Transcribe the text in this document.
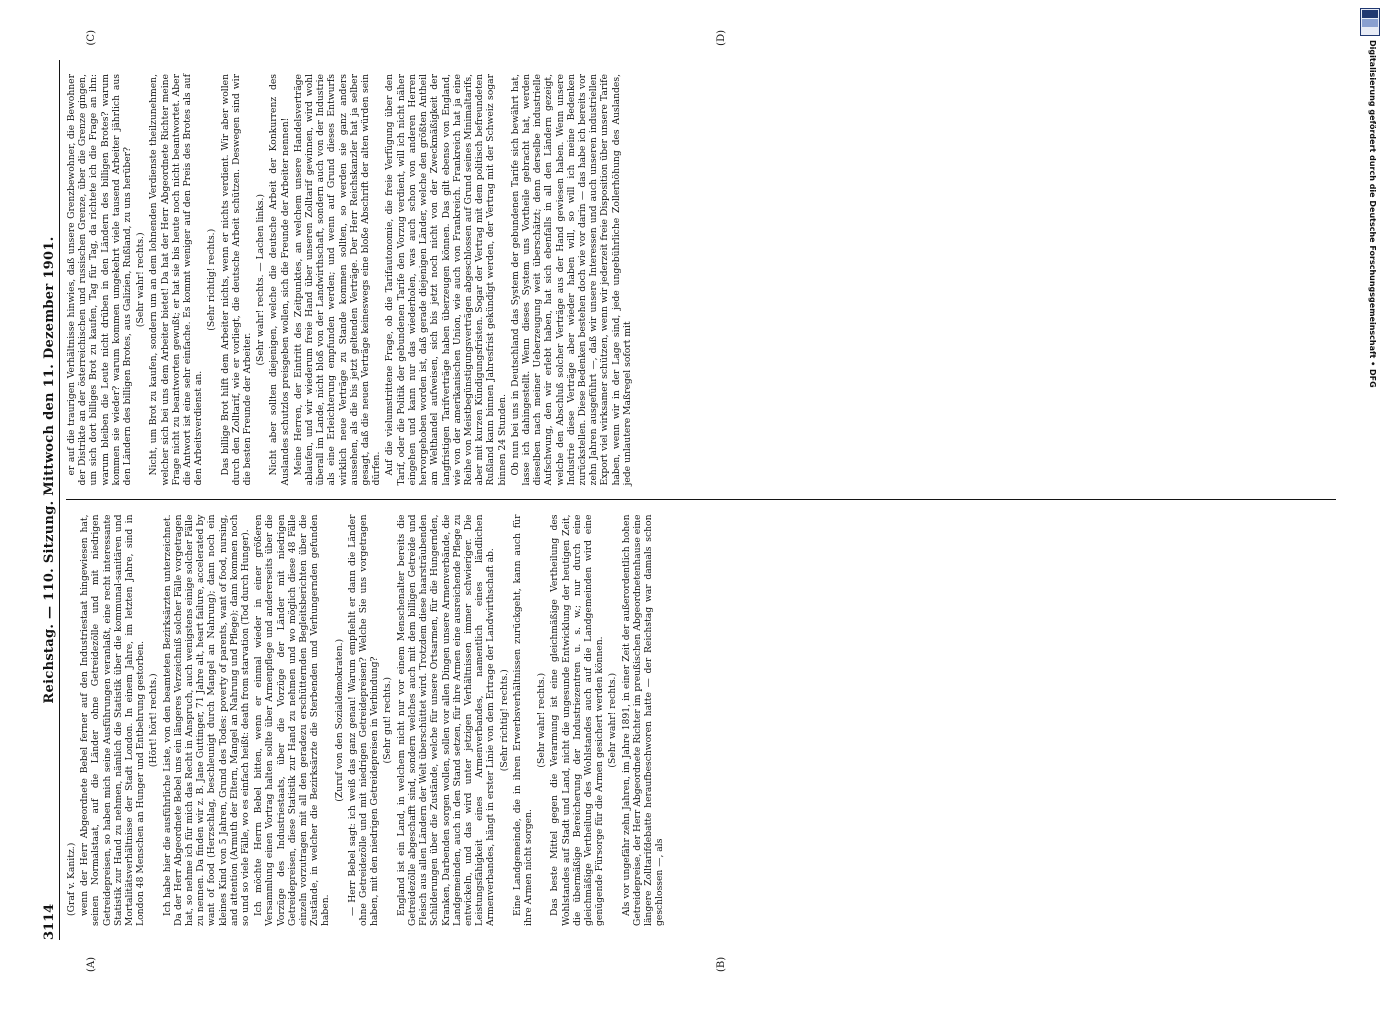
3114
Reichstag. — 110. Sitzung. Mittwoch den 11. Dezember 1901.
(A)	(B)
(C)	(D)

(Graf v. Kanitz.) wenn der Herr Abgeordnete Bebel ferner auf den Industriestaat hingewiesen hat, seinen Normalstaat, auf die Länder ohne Getreidezölle und mit niedrigen Getreidepreisen, so haben mich seine Ausführungen veranlaßt, eine recht interessante Statistik zur Hand zu nehmen, nämlich die Statistik über die kommunal-sanitären und Mortalitätsverhältnisse der Stadt London. In einem Jahre, im letzten Jahre, sind in London 48 Menschen an Hunger und Entbehrung gestorben. (Hört! hört! rechts.) Ich habe hier die ausführliche Liste, von den beamteten Bezirksärzten unterzeichnet. Da der Herr Abgeordnete Bebel uns ein längeres Verzeichniß solcher Fälle vorgetragen hat, so nehme ich für mich das Recht in Anspruch, auch wenigstens einige solcher Fälle zu nennen. Da finden wir z. B. Jane Guttinger, 71 Jahre alt, heart failure, accelerated by want of food (Herzschlag, beschleunigt durch Mangel an Nahrung); dann noch ein kleines Kind von 5 Jahren, Grund des Todes: poverty of parents, want of food, nursing, and attention (Armuth der Eltern, Mangel an Nahrung und Pflege); dann kommen noch so und so viele Fälle, wo es einfach heißt: death from starvation (Tod durch Hunger). Ich möchte Herrn Bebel bitten, wenn er einmal wieder in einer größeren Versammlung einen Vortrag halten sollte über Armenpflege und andererseits über die Vorzüge des Industriestaats, über die Vorzüge der Länder mit niedrigen Getreidepreisen, diese Statistik zur Hand zu nehmen und wo möglich diese 48 Fälle einzeln vorzutragen mit all den geradezu erschütternden Begleitsberichten über die Zustände, in welcher die Bezirksärzte die Sterbenden und Verhungernden gefunden haben.

(Zuruf von den Sozialdemokraten.) — Herr Bebel sagt: ich weiß das ganz genau! Warum empfiehlt er dann die Länder ohne Getreidezölle und mit niedrigen Getreidepreisen? Welche Sie uns vorgetragen haben, mit den niedrigen Getreidepreisen in Verbindung? (Sehr gut! rechts.) England ist ein Land, in welchem nicht nur vor einem Menschenalter bereits die Getreidezölle abgeschafft sind, sondern welches auch mit dem billigen Getreide und Fleisch aus allen Ländern der Welt überschüttet wird. Trotzdem diese haarsträubenden Schilderungen über die Zustände, welche für unsere Ortsarmen, für die Hungernden, Kranken, Darbenden sorgen wollen, sollen vor allen Dingen unsere Armenverbände, die Landgemeinden, auch in den Stand setzen, für ihre Armen eine ausreichende Pflege zu entwickeln, und das wird unter jetzigen Verhältnissen immer schwieriger. Die Leistungsfähigkeit eines Armenverbandes, namentlich eines ländlichen Armenverbandes, hängt in erster Linie von dem Ertrage der Landwirthschaft ab. (Sehr richtig! rechts.) Eine Landgemeinde, die in ihren Erwerbsverhältnissen zurückgeht, kann auch für ihre Armen nicht sorgen.

(Sehr wahr! rechts.) Das beste Mittel gegen die Verarmung ist eine gleichmäßige Vertheilung des Wohlstandes auf Stadt und Land, nicht die ungesunde Entwicklung der heutigen Zeit, die übermäßige Bereicherung der Industriezentren u. s. w.; nur durch eine gleichmäßige Vertheilung des Wohlstandes auch auf die Landgemeinden wird eine genügende Fürsorge für die Armen gesichert werden können. (Sehr wahr! rechts.) Als vor ungefähr zehn Jahren, im Jahre 1891, in einer Zeit der außerordentlich hohen Getreidepreise, der Herr Abgeordnete Richter im preußischen Abgeordnetenhause eine längere Zolltarifdebatte heraufbeschworen hatte — der Reichstag war damals schon geschlossen —, als

er auf die traurigen Verhältnisse hinwies, daß unsere Grenzbewohner, die Bewohner der Distrikte an der österreichischen und russischen Grenze, über die Grenze gingen, um sich dort billiges Brot zu kaufen, Tag für Tag, da richtete ich die Frage an ihn: warum bleiben die Leute nicht drüben in den Ländern des billigen Brotes? warum kommen sie wieder? warum kommen umgekehrt viele tausend Arbeiter jährlich aus den Ländern des billigen Brotes, aus Galizien, Rußland, zu uns herüber? (Sehr wahr! rechts.) Nicht, um Brot zu kaufen, sondern um an dem lohnenden Verdienste theilzunehmen, welcher sich bei uns dem Arbeiter bietet! Da hat der Herr Abgeordnete Richter meine Frage nicht zu beantworten gewußt; er hat sie bis heute noch nicht beantwortet. Aber die Antwort ist eine sehr einfache. Es kommt weniger auf den Preis des Brotes als auf den Arbeitsverdienst an.

(Sehr richtig! rechts.) Das billige Brot hilft dem Arbeiter nichts, wenn er nichts verdient. Wir aber wollen durch den Zolltarif, wie er vorliegt, die deutsche Arbeit schützen. Deswegen sind wir die besten Freunde der Arbeiter.

(Sehr wahr! rechts. — Lachen links.) Nicht aber sollten diejenigen, welche die deutsche Arbeit der Konkurrenz des Auslandes schutzlos preisgeben wollen, sich die Freunde der Arbeiter nennen! Meine Herren, der Eintritt des Zeitpunktes, an welchem unsere Handelsverträge ablaufen, und wir wiederum freie Hand über unseren Zolltarif gewinnen, wird wohl überall im Lande, nicht bloß von der Landwirthschaft, sondern auch von der Industrie als eine Erleichterung empfunden werden; und wenn auf Grund dieses Entwurfs wirklich neue Verträge zu Stande kommen sollten, so werden sie ganz anders aussehen, als die bis jetzt geltenden Verträge. Der Herr Reichskanzler hat ja selber gesagt, daß die neuen Verträge keineswegs eine bloße Abschrift der alten würden sein dürfen. Auf die vielumstrittene Frage, ob die Tarifautonomie, die freie Verfügung über den Tarif, oder die Politik der gebundenen Tarife den Vorzug verdient, will ich nicht näher eingehen und kann nur das wiederholen, was auch schon von anderen Herren hervorgehoben worden ist, daß gerade diejenigen Länder, welche den größten Antheil am Welthandel aufweisen, sich bis jetzt noch nicht von der Zweckmäßigkeit der langfristigen Tarifverträge haben überzeugen können. Das gilt ebenso von England, wie von der amerikanischen Union, wie auch von Frankreich. Frankreich hat ja eine Reihe von Meistbegünstigungsverträgen abgeschlossen auf Grund seines Minimaltarifs, aber mit kurzen Kündigungsfristen. Sogar der Vertrag mit dem politisch befreundeten Rußland kann binnen Jahresfrist gekündigt werden, der Vertrag mit der Schweiz sogar binnen 24 Stunden. Ob nun bei uns in Deutschland das System der gebundenen Tarife sich bewährt hat, lasse ich dahingestellt. Wenn dieses System uns Vortheile gebracht hat, werden dieselben nach meiner Ueberzeugung weit überschätzt; denn derselbe industrielle Aufschwung, den wir erlebt haben, hat sich ebenfalls in all den Ländern gezeigt, welche den Abschluß solcher Verträge aus der Hand gewiesen haben. Wenn unsere Industrie diese Verträge aber wieder haben will, so will ich meine Bedenken zurückstellen. Diese Bedenken bestehen doch wie vor darin — das habe ich bereits vor zehn Jahren ausgeführt —, daß wir unsere Interessen und auch unseren industriellen Export viel wirksamer schützen, wenn wir jederzeit freie Disposition über unsere Tarife haben, wenn wir in der Lage sind, jede ungebührliche Zollerhöhung des Auslandes, jede unlautere Maßregel sofort mit

Digitalisierung gefördert durch die Deutsche Forschungsgemeinschaft • DFG
